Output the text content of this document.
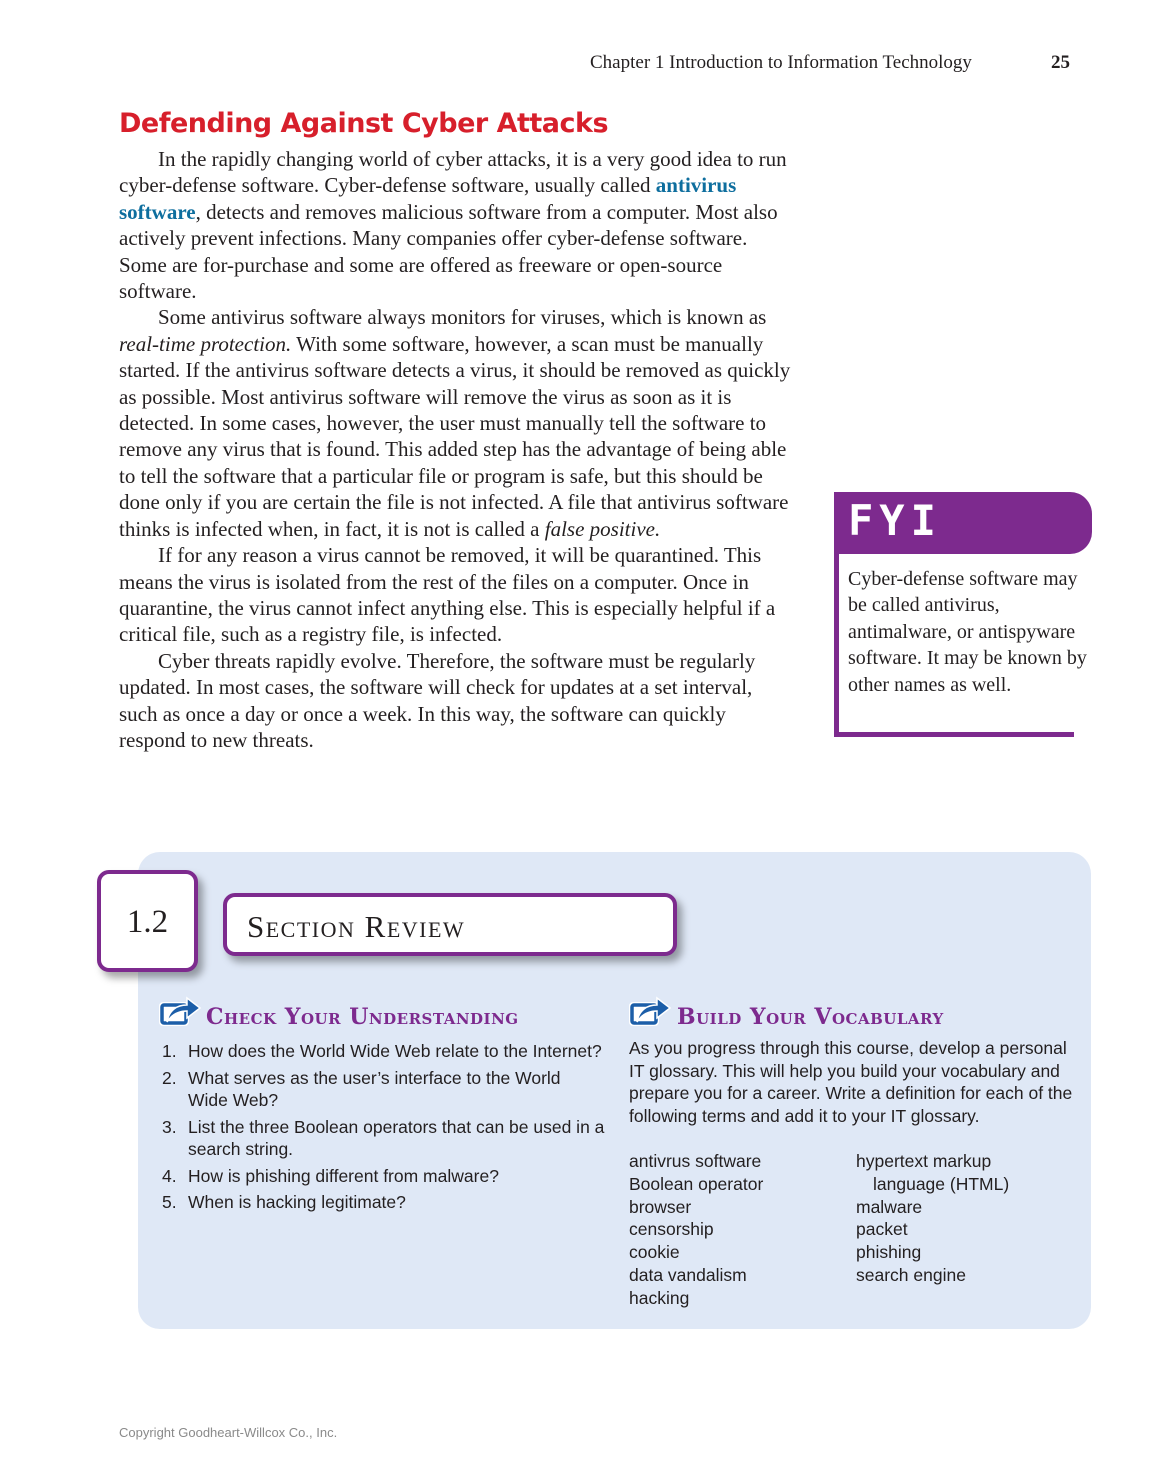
Chapter 1 Introduction to Information Technology	25
Defending Against Cyber Attacks

In the rapidly changing world of cyber attacks, it is a very good idea to run cyber-defense software. Cyber-defense software, usually called antivirus software, detects and removes malicious software from a computer. Most also actively prevent infections. Many companies offer cyber-defense software. Some are for-purchase and some are offered as freeware or open-source software.

Some antivirus software always monitors for viruses, which is known as real-time protection. With some software, however, a scan must be manually started. If the antivirus software detects a virus, it should be removed as quickly as possible. Most antivirus software will remove the virus as soon as it is detected. In some cases, however, the user must manually tell the software to remove any virus that is found. This added step has the advantage of being able to tell the software that a particular file or program is safe, but this should be done only if you are certain the file is not infected. A file that antivirus software thinks is infected when, in fact, it is not is called a false positive.

If for any reason a virus cannot be removed, it will be quarantined. This means the virus is isolated from the rest of the files on a computer. Once in quarantine, the virus cannot infect anything else. This is especially helpful if a critical file, such as a registry file, is infected.

Cyber threats rapidly evolve. Therefore, the software must be regularly updated. In most cases, the software will check for updates at a set interval, such as once a day or once a week. In this way, the software can quickly respond to new threats.

FYI
Cyber-defense software may be called antivirus, antimalware, or antispyware software. It may be known by other names as well.
1.2	Section Review
Check Your Understanding
1. How does the World Wide Web relate to the Internet?
2. What serves as the user’s interface to the World Wide Web?
3. List the three Boolean operators that can be used in a search string.
4. How is phishing different from malware?
5. When is hacking legitimate?
Build Your Vocabulary
As you progress through this course, develop a personal IT glossary. This will help you build your vocabulary and prepare you for a career. Write a definition for each of the following terms and add it to your IT glossary.
antivrus software
Boolean operator
browser
censorship
cookie
data vandalism
hacking
hypertext markup
language (HTML)
malware
packet
phishing
search engine
Copyright Goodheart-Willcox Co., Inc.
